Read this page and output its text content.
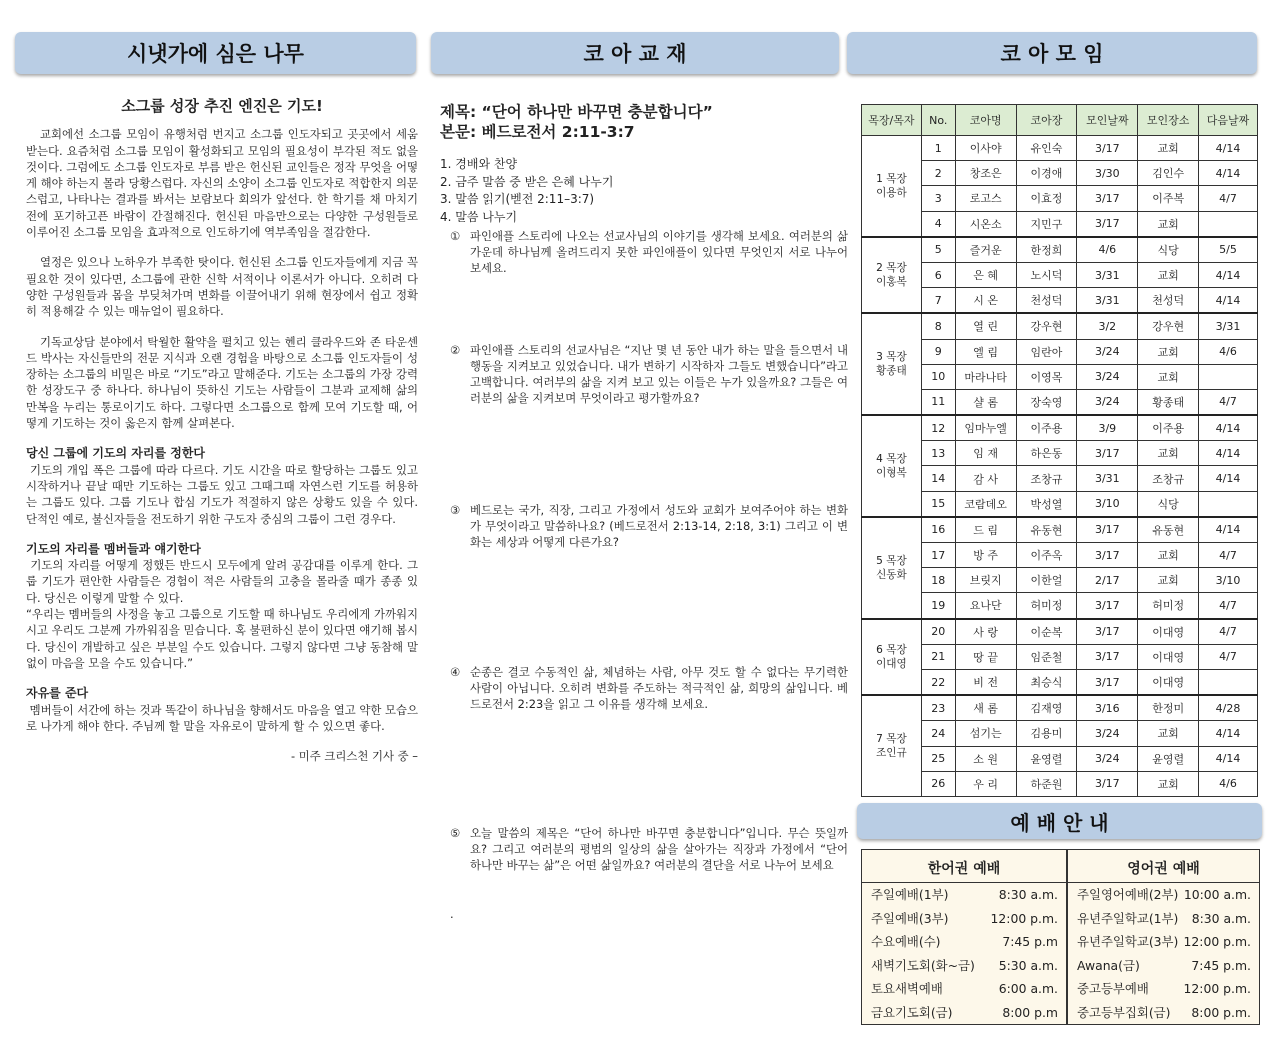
시냇가에 심은 나무	코 아 교 재	코 아 모 임
예 배 안 내
소그룹 성장 추진 엔진은 기도!

교회에선 소그룹 모임이 유행처럼 번지고 소그룹 인도자되고 곳곳에서 세움 받는다. 요즘처럼 소그룹 모임이 활성화되고 모임의 필요성이 부각된 적도 없을 것이다. 그럼에도 소그룹 인도자로 부름 받은 헌신된 교인들은 정작 무엇을 어떻게 해야 하는지 몰라 당황스럽다. 자신의 소양이 소그룹 인도자로 적합한지 의문스럽고, 나타나는 결과를 봐서는 보람보다 회의가 앞선다. 한 학기를 채 마치기 전에 포기하고픈 바람이 간절해진다. 헌신된 마음만으로는 다양한 구성원들로 이루어진 소그룹 모임을 효과적으로 인도하기에 역부족임을 절감한다.

열정은 있으나 노하우가 부족한 탓이다. 헌신된 소그룹 인도자들에게 지금 꼭 필요한 것이 있다면, 소그룹에 관한 신학 서적이나 이론서가 아니다. 오히려 다양한 구성원들과 몸을 부딪쳐가며 변화를 이끌어내기 위해 현장에서 쉽고 정확히 적용해갈 수 있는 매뉴얼이 필요하다.

기독교상담 분야에서 탁월한 활약을 펼치고 있는 헨리 클라우드와 존 타운센드 박사는 자신들만의 전문 지식과 오랜 경험을 바탕으로 소그룹 인도자들이 성장하는 소그룹의 비밀은 바로 “기도”라고 말해준다. 기도는 소그룹의 가장 강력한 성장도구 중 하나다. 하나님이 뜻하신 기도는 사람들이 그분과 교제해 삶의 만복을 누리는 통로이기도 하다. 그렇다면 소그룹으로 함께 모여 기도할 때, 어떻게 기도하는 것이 옳은지 함께 살펴본다.

당신 그룹에 기도의 자리를 정한다

기도의 개입 폭은 그룹에 따라 다르다. 기도 시간을 따로 할당하는 그룹도 있고 시작하거나 끝날 때만 기도하는 그룹도 있고 그때그때 자연스런 기도를 허용하는 그룹도 있다. 그룹 기도나 합심 기도가 적절하지 않은 상황도 있을 수 있다. 단적인 예로, 불신자들을 전도하기 위한 구도자 중심의 그룹이 그런 경우다.

기도의 자리를 멤버들과 얘기한다

기도의 자리를 어떻게 정했든 반드시 모두에게 알려 공감대를 이루게 한다. 그룹 기도가 편안한 사람들은 경험이 적은 사람들의 고충을 몰라줄 때가 종종 있다. 당신은 이렇게 말할 수 있다.
“우리는 멤버들의 사정을 놓고 그룹으로 기도할 때 하나님도 우리에게 가까워지시고 우리도 그분께 가까워짐을 믿습니다. 혹 불편하신 분이 있다면 얘기해 봅시다. 당신이 개발하고 싶은 부분일 수도 있습니다. 그렇지 않다면 그냥 동참해 말없이 마음을 모을 수도 있습니다.”

자유를 준다

멤버들이 서간에 하는 것과 똑같이 하나님을 향해서도 마음을 열고 약한 모습으로 나가게 해야 한다. 주님께 할 말을 자유로이 말하게 할 수 있으면 좋다.

- 미주 크리스천 기사 중 –
제목: “단어 하나만 바꾸면 충분합니다”
본문: 베드로전서 2:11-3:7
1. 경배와 찬양
2. 금주 말씀 중 받은 은혜 나누기
3. 말씀 읽기(벧전 2:11–3:7)
4. 말씀 나누기
① 파인애플 스토리에 나오는 선교사님의 이야기를 생각해 보세요. 여러분의 삶 가운데 하나님께 올려드리지 못한 파인애플이 있다면 무엇인지 서로 나누어보세요.
② 파인애플 스토리의 선교사님은 “지난 몇 년 동안 내가 하는 말을 들으면서 내 행동을 지켜보고 있었습니다. 내가 변하기 시작하자 그들도 변했습니다”라고 고백합니다. 여러부의 삶을 지켜 보고 있는 이들은 누가 있을까요? 그들은 여러분의 삶을 지켜보며 무엇이라고 평가할까요?
③ 베드로는 국가, 직장, 그리고 가정에서 성도와 교회가 보여주어야 하는 변화가 무엇이라고 말씀하나요? (베드로전서 2:13-14, 2:18, 3:1) 그리고 이 변화는 세상과 어떻게 다른가요?
④ 순종은 결코 수동적인 삶, 체념하는 사람, 아무 것도 할 수 없다는 무기력한 사람이 아닙니다. 오히려 변화를 주도하는 적극적인 삶, 희망의 삶입니다. 베드로전서 2:23을 읽고 그 이유를 생각해 보세요.
⑤ 오늘 말씀의 제목은 “단어 하나만 바꾸면 충분합니다”입니다. 무슨 뜻일까요? 그리고 여러분의 평범의 일상의 삶을 살아가는 직장과 가정에서 “단어 하나만 바꾸는 삶”은 어떤 삶일까요? 여러분의 결단을 서로 나누어 보세요
.
목장/목자	No.	코아명	코아장	모인날짜	모인장소	다음날짜

1 목장
이용하	1	이사야	유인숙	3/17	교회	4/14
	2	창조은	이경애	3/30	김인수	4/14
	3	로고스	이효정	3/17	이주복	4/7
	4	시온소	지민구	3/17	교회	

2 목장
이홍복	5	즐거운	한정희	4/6	식당	5/5
	6	은 혜	노시덕	3/31	교회	4/14
	7	시 온	천성덕	3/31	천성덕	4/14

3 목장
황종태	8	열 린	강우현	3/2	강우현	3/31
	9	엘 림	임란아	3/24	교회	4/6
	10	마라나타	이영목	3/24	교회	
	11	샬 롬	장숙영	3/24	황종태	4/7

4 목장
이형복	12	임마누엘	이주용	3/9	이주용	4/14
	13	임 재	하은동	3/17	교회	4/14
	14	감 사	조창규	3/31	조창규	4/14
	15	코람데오	박성열	3/10	식당	

5 목장
신동화	16	드 림	유동현	3/17	유동현	4/14
	17	방 주	이주옥	3/17	교회	4/7
	18	브릿지	이한얼	2/17	교회	3/10
	19	요나단	허미정	3/17	허미정	4/7

6 목장
이대영	20	사 랑	이순복	3/17	이대영	4/7
	21	땅 끝	임준철	3/17	이대영	4/7
	22	비 전	최승식	3/17	이대영	

7 목장
조인규	23	새 롬	김재영	3/16	한정미	4/28
	24	섬기는	김용미	3/24	교회	4/14
	25	소 원	윤영렬	3/24	윤영렬	4/14
	26	우 리	하준원	3/17	교회	4/6
한어권 예배
주일예배(1부)	8:30 a.m.
주일예배(3부)	12:00 p.m.
수요예배(수)	7:45 p.m
새벽기도회(화~금) 5:30 a.m.
토요새벽예배	6:00 a.m.
금요기도회(금)	8:00 p.m
영어권 예배
주일영어예배(2부) 10:00 a.m.
유년주일학교(1부) 8:30 a.m.
유년주일학교(3부) 12:00 p.m.
Awana(금)	7:45 p.m.
중고등부예배	12:00 p.m.
중고등부집회(금) 8:00 p.m.
